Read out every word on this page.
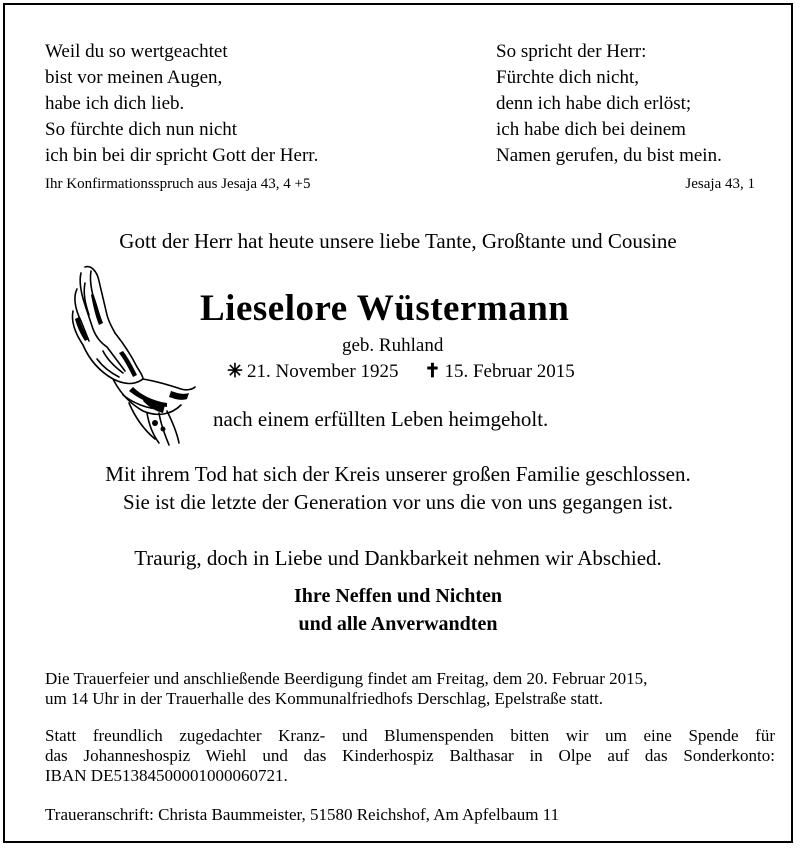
Weil du so wertgeachtet
bist vor meinen Augen,
habe ich dich lieb.
So fürchte dich nun nicht
ich bin bei dir spricht Gott der Herr.
Ihr Konfirmationsspruch aus Jesaja 43, 4 +5
So spricht der Herr:
Fürchte dich nicht,
denn ich habe dich erlöst;
ich habe dich bei deinem
Namen gerufen, du bist mein.
Jesaja 43, 1
Gott der Herr hat heute unsere liebe Tante, Großtante und Cousine
Lieselore Wüstermann
geb. Ruhland
✳ 21. November 1925 ✝ 15. Februar 2015
nach einem erfüllten Leben heimgeholt.
Mit ihrem Tod hat sich der Kreis unserer großen Familie geschlossen.
Sie ist die letzte der Generation vor uns die von uns gegangen ist.
Traurig, doch in Liebe und Dankbarkeit nehmen wir Abschied.
Ihre Neffen und Nichten
und alle Anverwandten
Die Trauerfeier und anschließende Beerdigung findet am Freitag, dem 20. Februar 2015,
um 14 Uhr in der Trauerhalle des Kommunalfriedhofs Derschlag, Epelstraße statt.
Statt freundlich zugedachter Kranz- und Blumenspenden bitten wir um eine Spende für
das Johanneshospiz Wiehl und das Kinderhospiz Balthasar in Olpe auf das Sonderkonto:
IBAN DE51384500001000060721.
Traueranschrift: Christa Baummeister, 51580 Reichshof, Am Apfelbaum 11
